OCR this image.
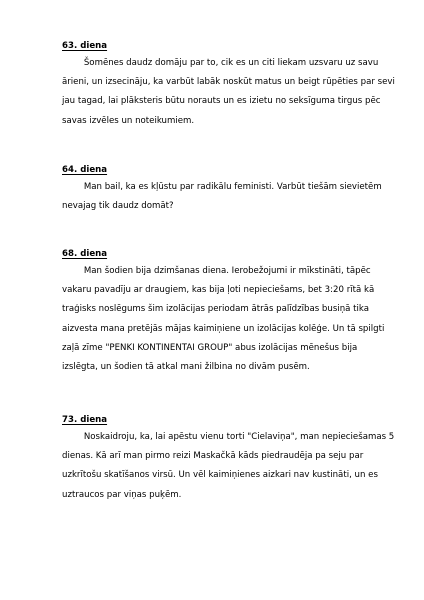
63. diena

Šomēnes daudz domāju par to, cik es un citi liekam uzsvaru uz savu
ārieni, un izsecināju, ka varbūt labāk noskūt matus un beigt rūpēties par sevi
jau tagad, lai plāksteris būtu norauts un es izietu no seksīguma tirgus pēc
savas izvēles un noteikumiem.

64. diena

Man bail, ka es kļūstu par radikālu feministi. Varbūt tiešām sievietēm
nevajag tik daudz domāt?

68. diena

Man šodien bija dzimšanas diena. Ierobežojumi ir mīkstināti, tāpēc
vakaru pavadīju ar draugiem, kas bija ļoti nepieciešams, bet 3:20 rītā kā
traģisks noslēgums šim izolācijas periodam ātrās palīdzības busiņā tika
aizvesta mana pretējās mājas kaimiņiene un izolācijas kolēģe. Un tā spilgti
zaļā zīme "PENKI KONTINENTAI GROUP" abus izolācijas mēnešus bija
izslēgta, un šodien tā atkal mani žilbina no divām pusēm.

73. diena

Noskaidroju, ka, lai apēstu vienu torti "Cielaviņa", man nepieciešamas 5
dienas. Kā arī man pirmo reizi Maskačkā kāds piedraudēja pa seju par
uzkrītošu skatīšanos virsū. Un vēl kaimiņienes aizkari nav kustināti, un es
uztraucos par viņas puķēm.
